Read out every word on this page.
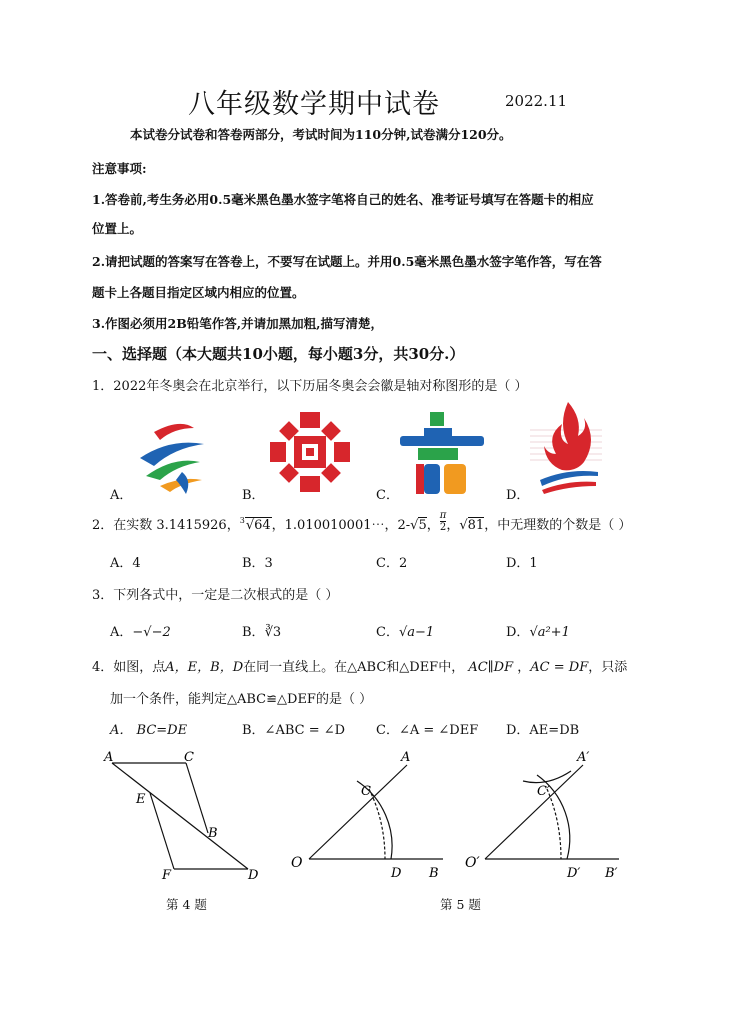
八年级数学期中试卷	2022.11
本试卷分试卷和答卷两部分，考试时间为110分钟,试卷满分120分。
注意事项:
1.答卷前,考生务必用0.5毫米黑色墨水签字笔将自己的姓名、准考证号填写在答题卡的相应
位置上。
2.请把试题的答案写在答卷上，不要写在试题上。并用0.5毫米黑色墨水签字笔作答，写在答
题卡上各题目指定区域内相应的位置。
3.作图必须用2B铅笔作答,并请加黑加粗,描写清楚，
一、选择题（本大题共10小题，每小题3分，共30分.）
1．2022年冬奥会在北京举行，以下历届冬奥会会徽是轴对称图形的是（ ）
A．	B．	C．	D．
2．在实数 3.1415926，$^3$√64，1.010010001⋯，2-√5， $\frac{\pi}{2}$ ，√81，中无理数的个数是（ ）
A．4	B．3	C．2	D．1
3．下列各式中，一定是二次根式的是（ ）
A．−√−2	B．∛3	C．√a−1	D．√a²+1
4．如图，点A，E，B，D在同一直线上。在△ABC和△DEF中， AC∥DF ，AC = DF，只添
加一个条件，能判定△ABC≌△DEF的是（ ）
A． BC=DE	B．∠ABC = ∠D C．∠A = ∠DEF D．AE=DB
A	C
E
B
F	D
第 4 题
O
A
C
D B
O′
A′
C′
D′ B′
第 5 题
